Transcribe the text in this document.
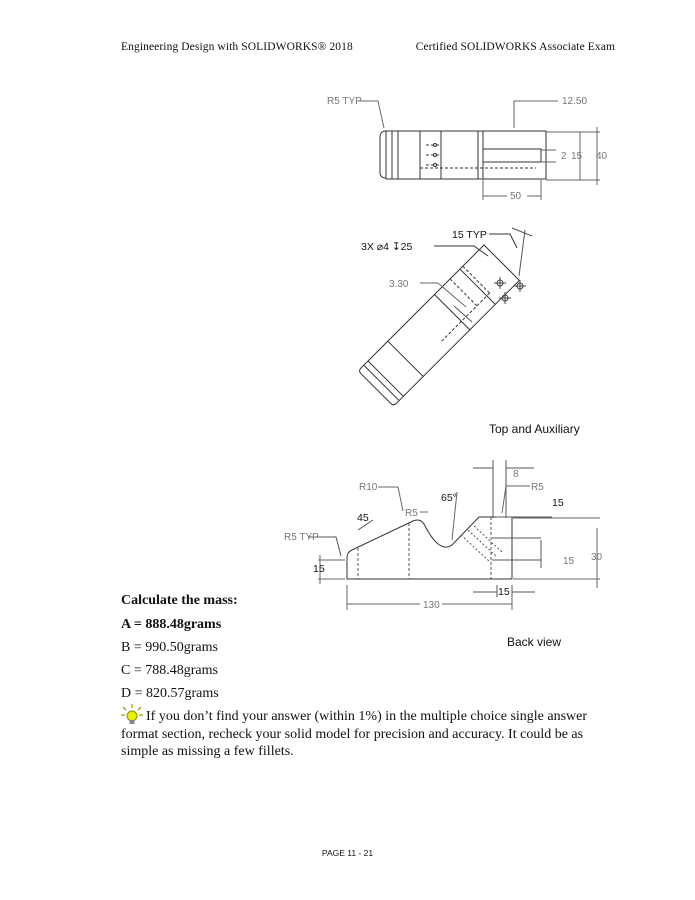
Engineering Design with SOLIDWORKS® 2018	Certified SOLIDWORKS Associate Exam
R5 TYP	12.50
2 15 40
50
15 TYP
3X ⌀4 ↧25
3.30
8
R10	R5
65°	15
45	R5
R5 TYP
15
15 30
15
130
Top and Auxiliary
Back view
Calculate the mass:
A = 888.48grams
B = 990.50grams
C = 788.48grams
D = 820.57grams
If you don’t find your answer (within 1%) in the multiple choice single answer format section, recheck your solid model for precision and accuracy. It could be as simple as missing a few fillets.
PAGE 11 - 21
